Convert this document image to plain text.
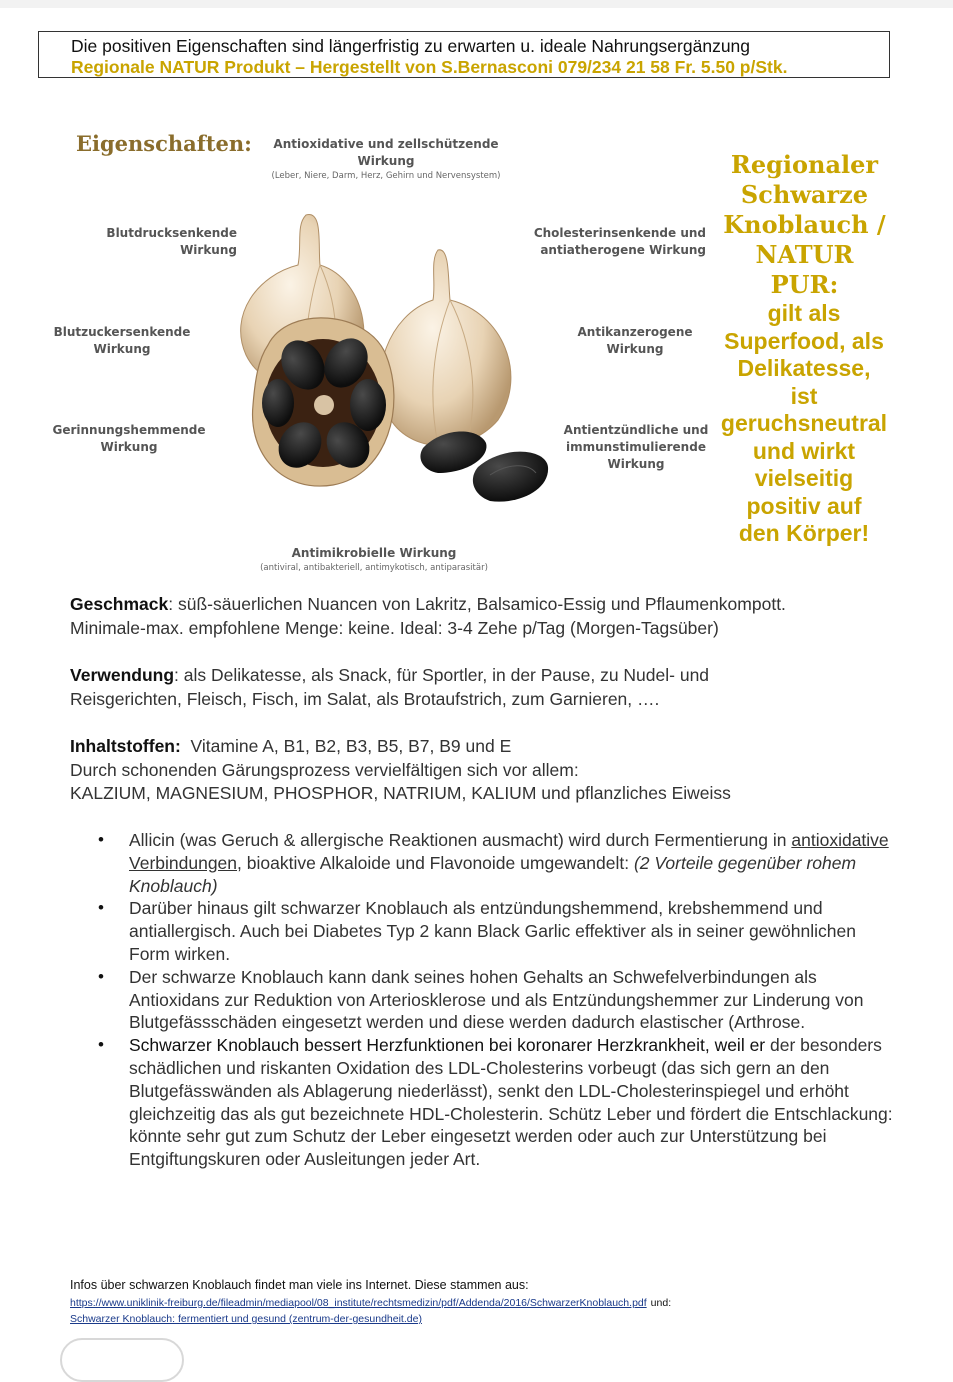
Die positiven Eigenschaften sind längerfristig zu erwarten u. ideale Nahrungsergänzung
Regionale NATUR Produkt – Hergestellt von S.Bernasconi 079/234 21 58 Fr. 5.50 p/Stk.
Eigenschaften:	Antioxidative und zellschützende Wirkung
(Leber, Niere, Darm, Herz, Gehirn und Nervensystem)
Blutdrucksenkende
Wirkung
Blutzuckersenkende
Wirkung
Gerinnungshemmende
Wirkung
Cholesterinsenkende und
antiatherogene Wirkung
Antikanzerogene
Wirkung
Antientzündliche und
immunstimulierende
Wirkung
Antimikrobielle Wirkung
(antiviral, antibakteriell, antimykotisch, antiparasitär)
Regionaler
Schwarze
Knoblauch /
NATUR PUR:
gilt als
Superfood, als
Delikatesse,
ist
geruchsneutral
und wirkt
vielseitig
positiv auf
den Körper!
Geschmack: süß-säuerlichen Nuancen von Lakritz, Balsamico-Essig und Pflaumenkompott.
Minimale-max. empfohlene Menge: keine. Ideal: 3-4 Zehe p/Tag (Morgen-Tagsüber)
Verwendung: als Delikatesse, als Snack, für Sportler, in der Pause, zu Nudel- und
Reisgerichten, Fleisch, Fisch, im Salat, als Brotaufstrich, zum Garnieren, ….
Inhaltstoffen:  Vitamine A, B1, B2, B3, B5, B7, B9 und E
Durch schonenden Gärungsprozess vervielfältigen sich vor allem:
KALZIUM, MAGNESIUM, PHOSPHOR, NATRIUM, KALIUM und pflanzliches Eiweiss
• Allicin (was Geruch & allergische Reaktionen ausmacht) wird durch Fermentierung in antioxidative Verbindungen, bioaktive Alkaloide und Flavonoide umgewandelt: (2 Vorteile gegenüber rohem Knoblauch)
• Darüber hinaus gilt schwarzer Knoblauch als entzündungshemmend, krebshemmend und antiallergisch. Auch bei Diabetes Typ 2 kann Black Garlic effektiver als in seiner gewöhnlichen Form wirken.
• Der schwarze Knoblauch kann dank seines hohen Gehalts an Schwefelverbindungen als Antioxidans zur Reduktion von Arteriosklerose und als Entzündungshemmer zur Linderung von Blutgefässschäden eingesetzt werden und diese werden dadurch elastischer (Arthrose.
• Schwarzer Knoblauch bessert Herzfunktionen bei koronarer Herzkrankheit, weil er der besonders schädlichen und riskanten Oxidation des LDL-Cholesterins vorbeugt (das sich gern an den Blutgefässwänden als Ablagerung niederlässt), senkt den LDL-Cholesterinspiegel und erhöht gleichzeitig das als gut bezeichnete HDL-Cholesterin. Schütz Leber und fördert die Entschlackung: könnte sehr gut zum Schutz der Leber eingesetzt werden oder auch zur Unterstützung bei Entgiftungskuren oder Ausleitungen jeder Art.
Infos über schwarzen Knoblauch findet man viele ins Internet. Diese stammen aus:
https://www.uniklinik-freiburg.de/fileadmin/mediapool/08_institute/rechtsmedizin/pdf/Addenda/2016/SchwarzerKnoblauch.pdf und:
Schwarzer Knoblauch: fermentiert und gesund (zentrum-der-gesundheit.de)
